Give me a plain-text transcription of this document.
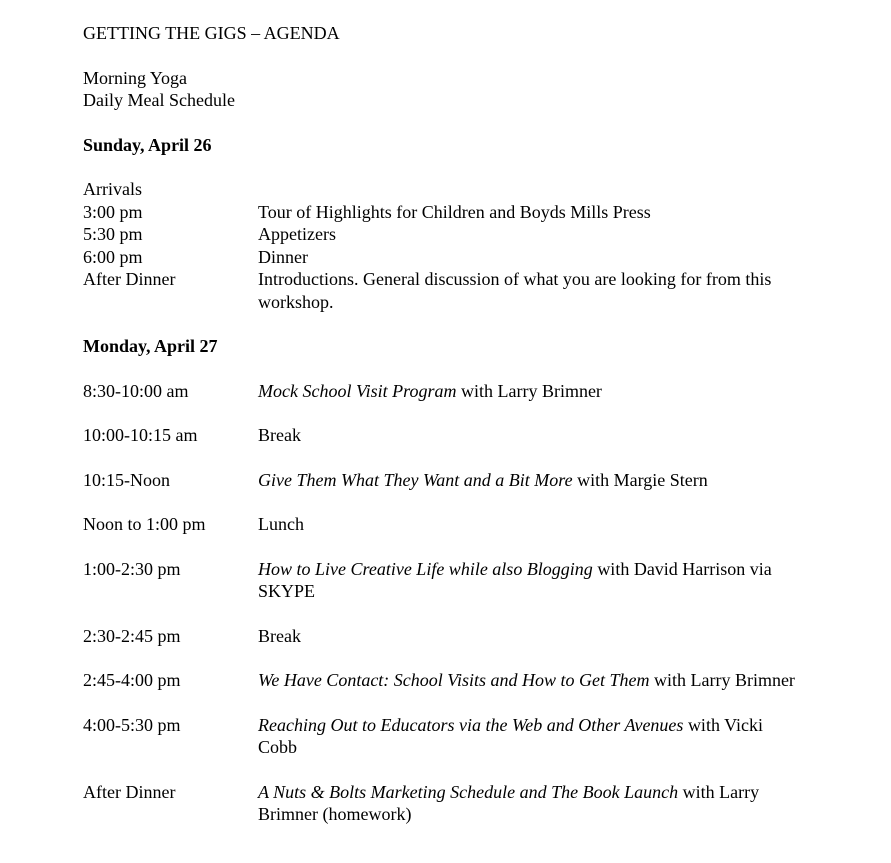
GETTING THE GIGS – AGENDA
Morning Yoga
Daily Meal Schedule
Sunday, April 26
Arrivals
3:00 pm	Tour of Highlights for Children and Boyds Mills Press
5:30 pm	Appetizers
6:00 pm	Dinner
After Dinner	Introductions. General discussion of what you are looking for from this workshop.
Monday, April 27
8:30-10:00 am	Mock School Visit Program with Larry Brimner
10:00-10:15 am	Break
10:15-Noon	Give Them What They Want and a Bit More with Margie Stern
Noon to 1:00 pm	Lunch
1:00-2:30 pm	How to Live Creative Life while also Blogging with David Harrison via SKYPE
2:30-2:45 pm	Break
2:45-4:00 pm	We Have Contact: School Visits and How to Get Them with Larry Brimner
4:00-5:30 pm	Reaching Out to Educators via the Web and Other Avenues with Vicki Cobb
After Dinner	A Nuts & Bolts Marketing Schedule and The Book Launch with Larry Brimner (homework)
